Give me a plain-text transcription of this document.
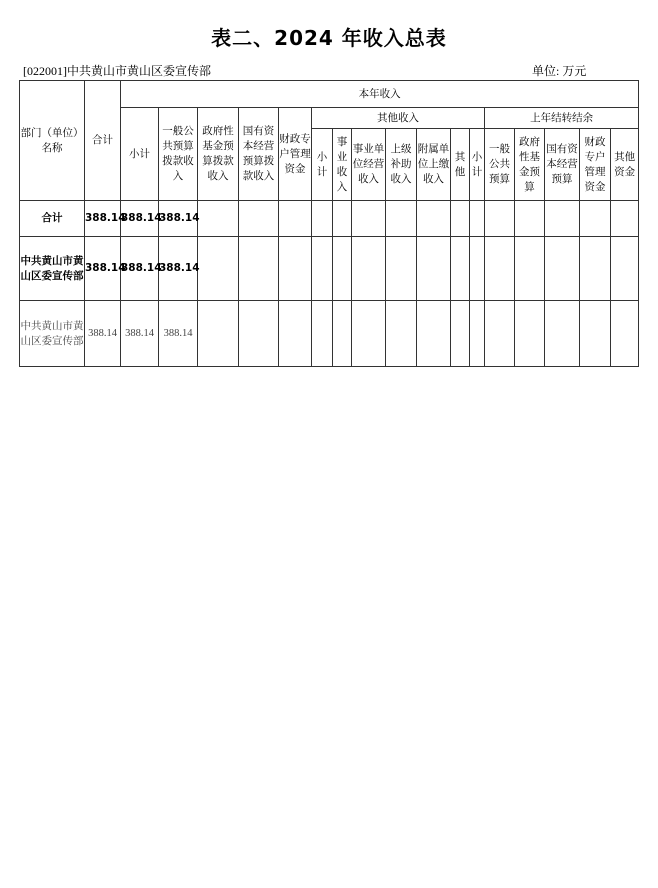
表二、2024 年收入总表
[022001]中共黄山市黄山区委宣传部	单位: 万元
部门（单位）名称	合计	本年收入																	
		小计	一般公共预算拨款收入	政府性基金预算拨款收入	国有资本经营预算拨款收入	财政专户管理资金	其他收入							上年结转结余					
							小计	事业收入	事业单位经营收入	上级补助收入	附属单位上缴收入	其他	小计	一般公共预算	政府性基金预算	国有资本经营预算	财政专户管理资金	其他资金	
合计	388.14	388.14	388.14																
中共黄山市黄山区委宣传部	388.14	388.14	388.14																
中共黄山市黄山区委宣传部	388.14	388.14	388.14																
